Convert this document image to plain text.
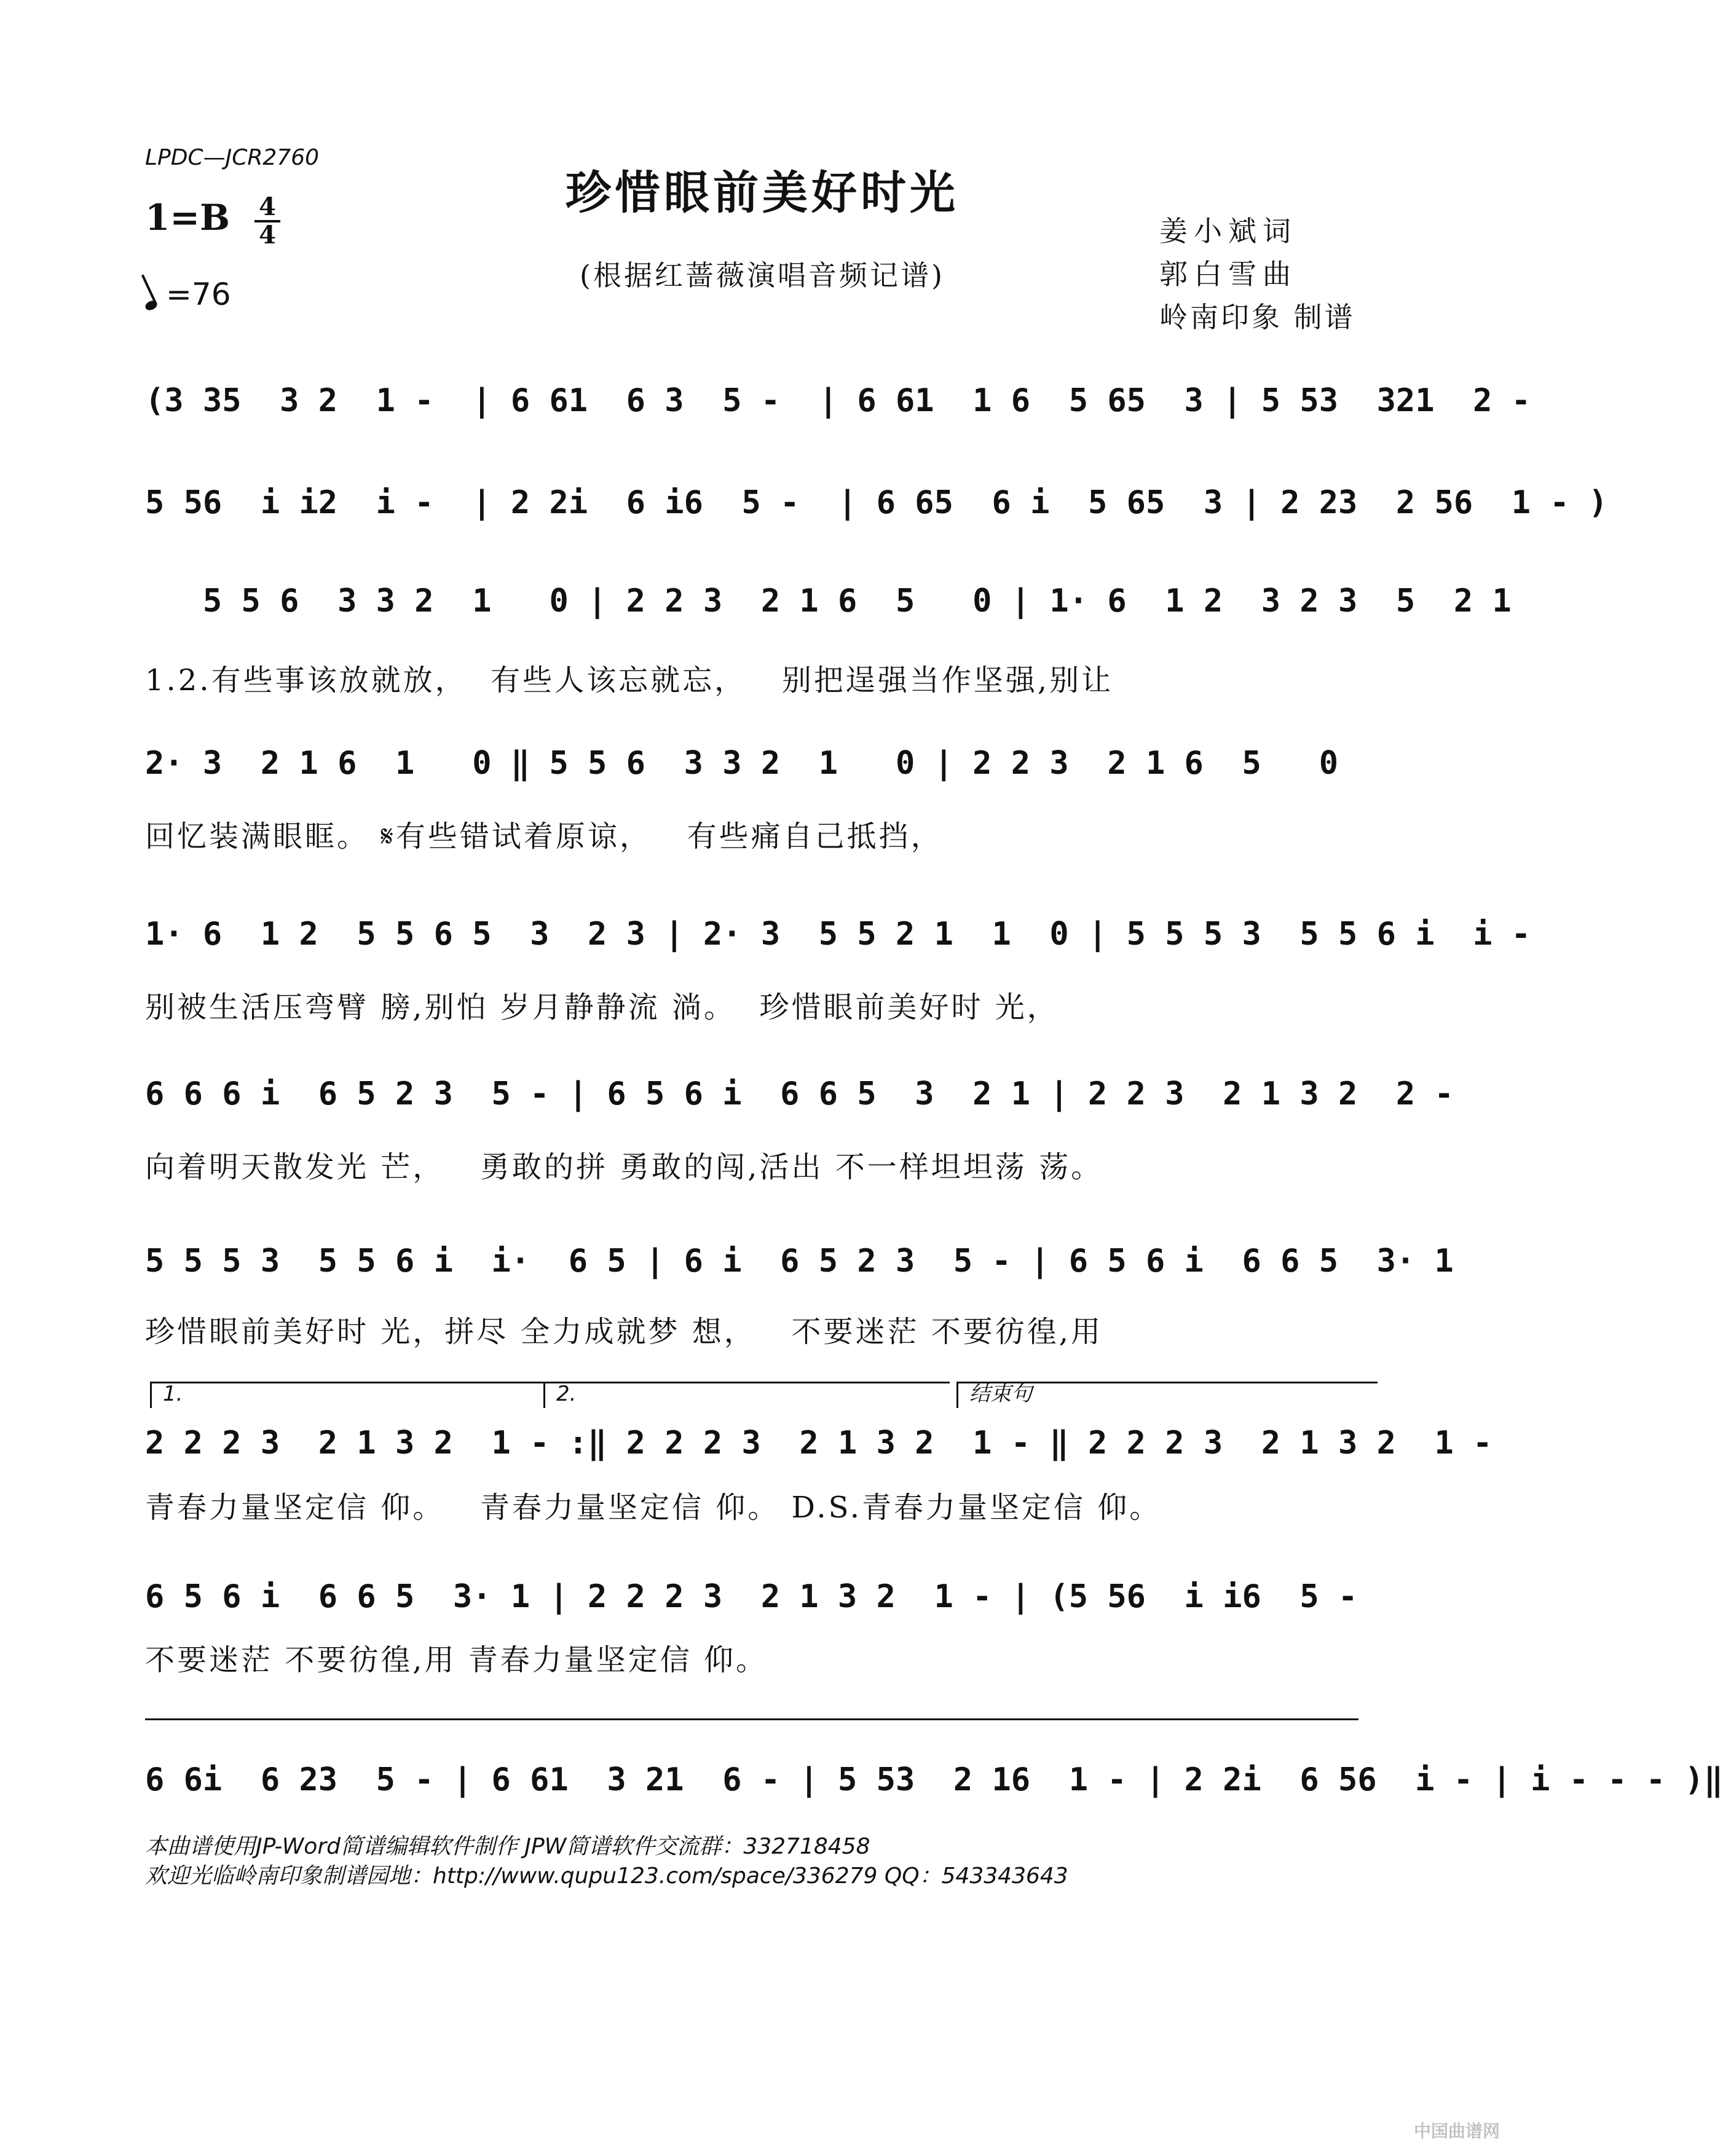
LPDC—JCR2760
珍惜眼前美好时光
(根据红蔷薇演唱音频记谱)
1=B 4
4
=76
姜小斌词
郭白雪曲
岭南印象 制谱
(3 35  3 2  1 -  | 6 61  6 3  5 -  | 6 61  1 6  5 65  3 | 5 53  321  2 -
5 56  i i2  i -  | 2 2i  6 i6  5 -  | 6 65  6 i  5 65  3 | 2 23  2 56  1 - )
5 5 6  3 3 2  1   0 | 2 2 3  2 1 6  5   0 | 1· 6  1 2  3 2 3  5  2 1
1.2.有些事该放就放，  有些人该忘就忘，   别把逞强当作坚强,别让
2· 3  2 1 6  1   0 ‖ 5 5 6  3 3 2  1   0 | 2 2 3  2 1 6  5   0
回忆装满眼眶。 𝄋有些错试着原谅，   有些痛自己抵挡，
1· 6  1 2  5 5 6 5  3  2 3 | 2· 3  5 5 2 1  1  0 | 5 5 5 3  5 5 6 i  i -
别被生活压弯臂 膀,别怕 岁月静静流 淌。  珍惜眼前美好时 光，
6 6 6 i  6 5 2 3  5 - | 6 5 6 i  6 6 5  3  2 1 | 2 2 3  2 1 3 2  2 -
向着明天散发光 芒，   勇敢的拼 勇敢的闯,活出 不一样坦坦荡 荡。
5 5 5 3  5 5 6 i  i·  6 5 | 6 i  6 5 2 3  5 - | 6 5 6 i  6 6 5  3· 1
珍惜眼前美好时 光，拼尽 全力成就梦 想，   不要迷茫 不要彷徨,用
1.	2.	结束句
2 2 2 3  2 1 3 2  1 - :‖ 2 2 2 3  2 1 3 2  1 - ‖ 2 2 2 3  2 1 3 2  1 -
青春力量坚定信 仰。   青春力量坚定信 仰。 D.S.青春力量坚定信 仰。
6 5 6 i  6 6 5  3· 1 | 2 2 2 3  2 1 3 2  1 - | (5 56  i i6  5 -
不要迷茫 不要彷徨,用 青春力量坚定信 仰。
6 6i  6 23  5 - | 6 61  3 21  6 - | 5 53  2 16  1 - | 2 2i  6 56  i - | i - - - )‖
本曲谱使用JP-Word简谱编辑软件制作 JPW简谱软件交流群：332718458
欢迎光临岭南印象制谱园地：http://www.qupu123.com/space/336279 QQ：543343643
中国曲谱网
